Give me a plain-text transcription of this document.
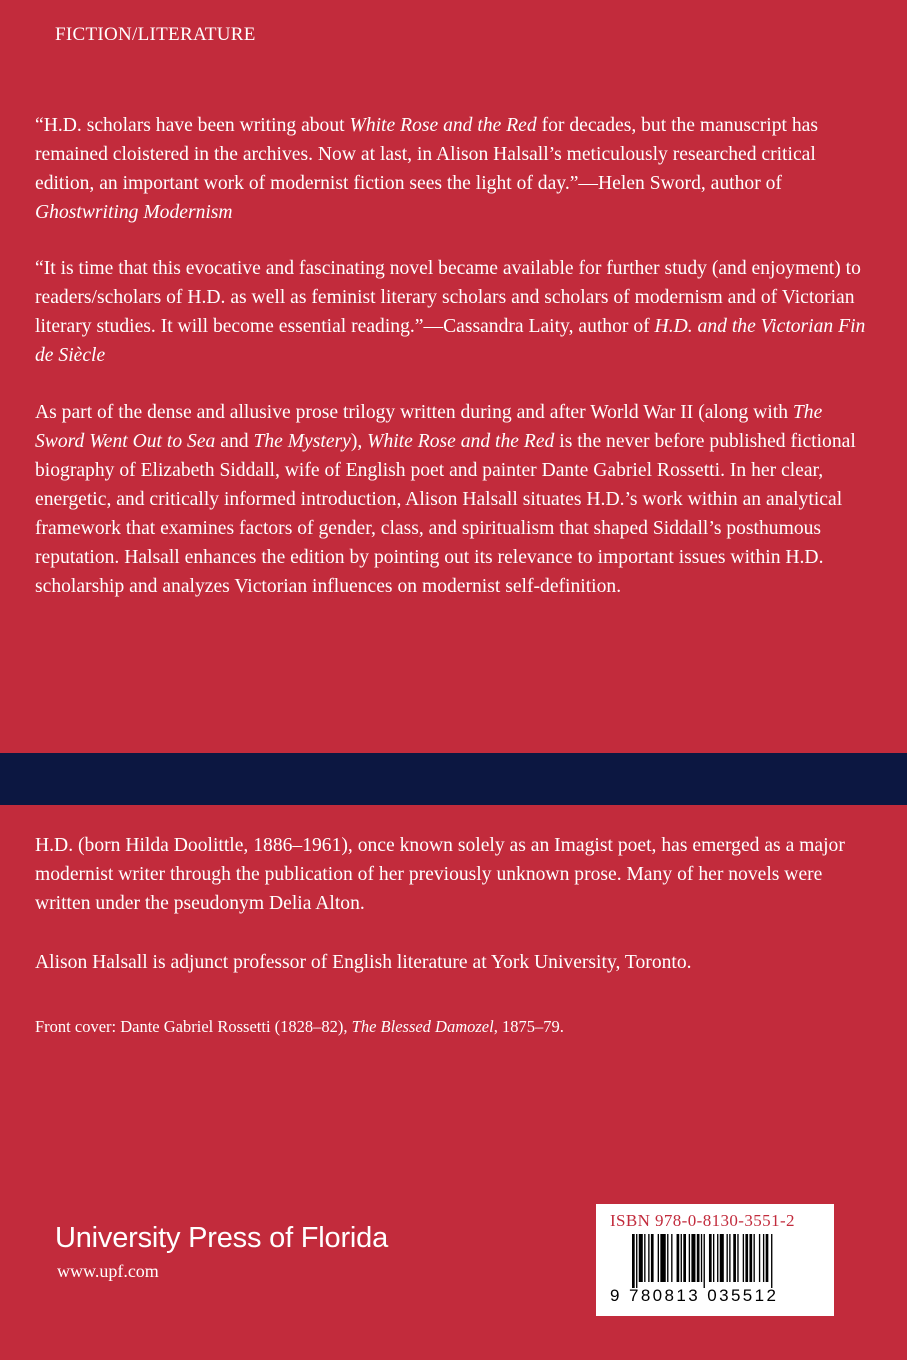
FICTION/LITERATURE
“H.D. scholars have been writing about White Rose and the Red for decades, but the manuscript has remained cloistered in the archives. Now at last, in Alison Halsall’s meticulously researched critical edition, an important work of modernist fiction sees the light of day.”—Helen Sword, author of Ghostwriting Modernism
“It is time that this evocative and fascinating novel became available for further study (and enjoyment) to readers/scholars of H.D. as well as feminist literary scholars and scholars of modernism and of Victorian literary studies. It will become essential reading.”—Cassandra Laity, author of H.D. and the Victorian Fin de Siècle
As part of the dense and allusive prose trilogy written during and after World War II (along with The Sword Went Out to Sea and The Mystery), White Rose and the Red is the never before published fictional biography of Elizabeth Siddall, wife of English poet and painter Dante Gabriel Rossetti. In her clear, energetic, and critically informed introduction, Alison Halsall situates H.D.’s work within an analytical framework that examines factors of gender, class, and spiritualism that shaped Siddall’s posthumous reputation. Halsall enhances the edition by pointing out its relevance to important issues within H.D. scholarship and analyzes Victorian influences on modernist self-definition.
H.D. (born Hilda Doolittle, 1886–1961), once known solely as an Imagist poet, has emerged as a major modernist writer through the publication of her previously unknown prose. Many of her novels were written under the pseudonym Delia Alton.
Alison Halsall is adjunct professor of English literature at York University, Toronto.
Front cover: Dante Gabriel Rossetti (1828–82), The Blessed Damozel, 1875–79.
University Press of Florida
www.upf.com
ISBN 978-0-8130-3551-2
9 780813 035512
